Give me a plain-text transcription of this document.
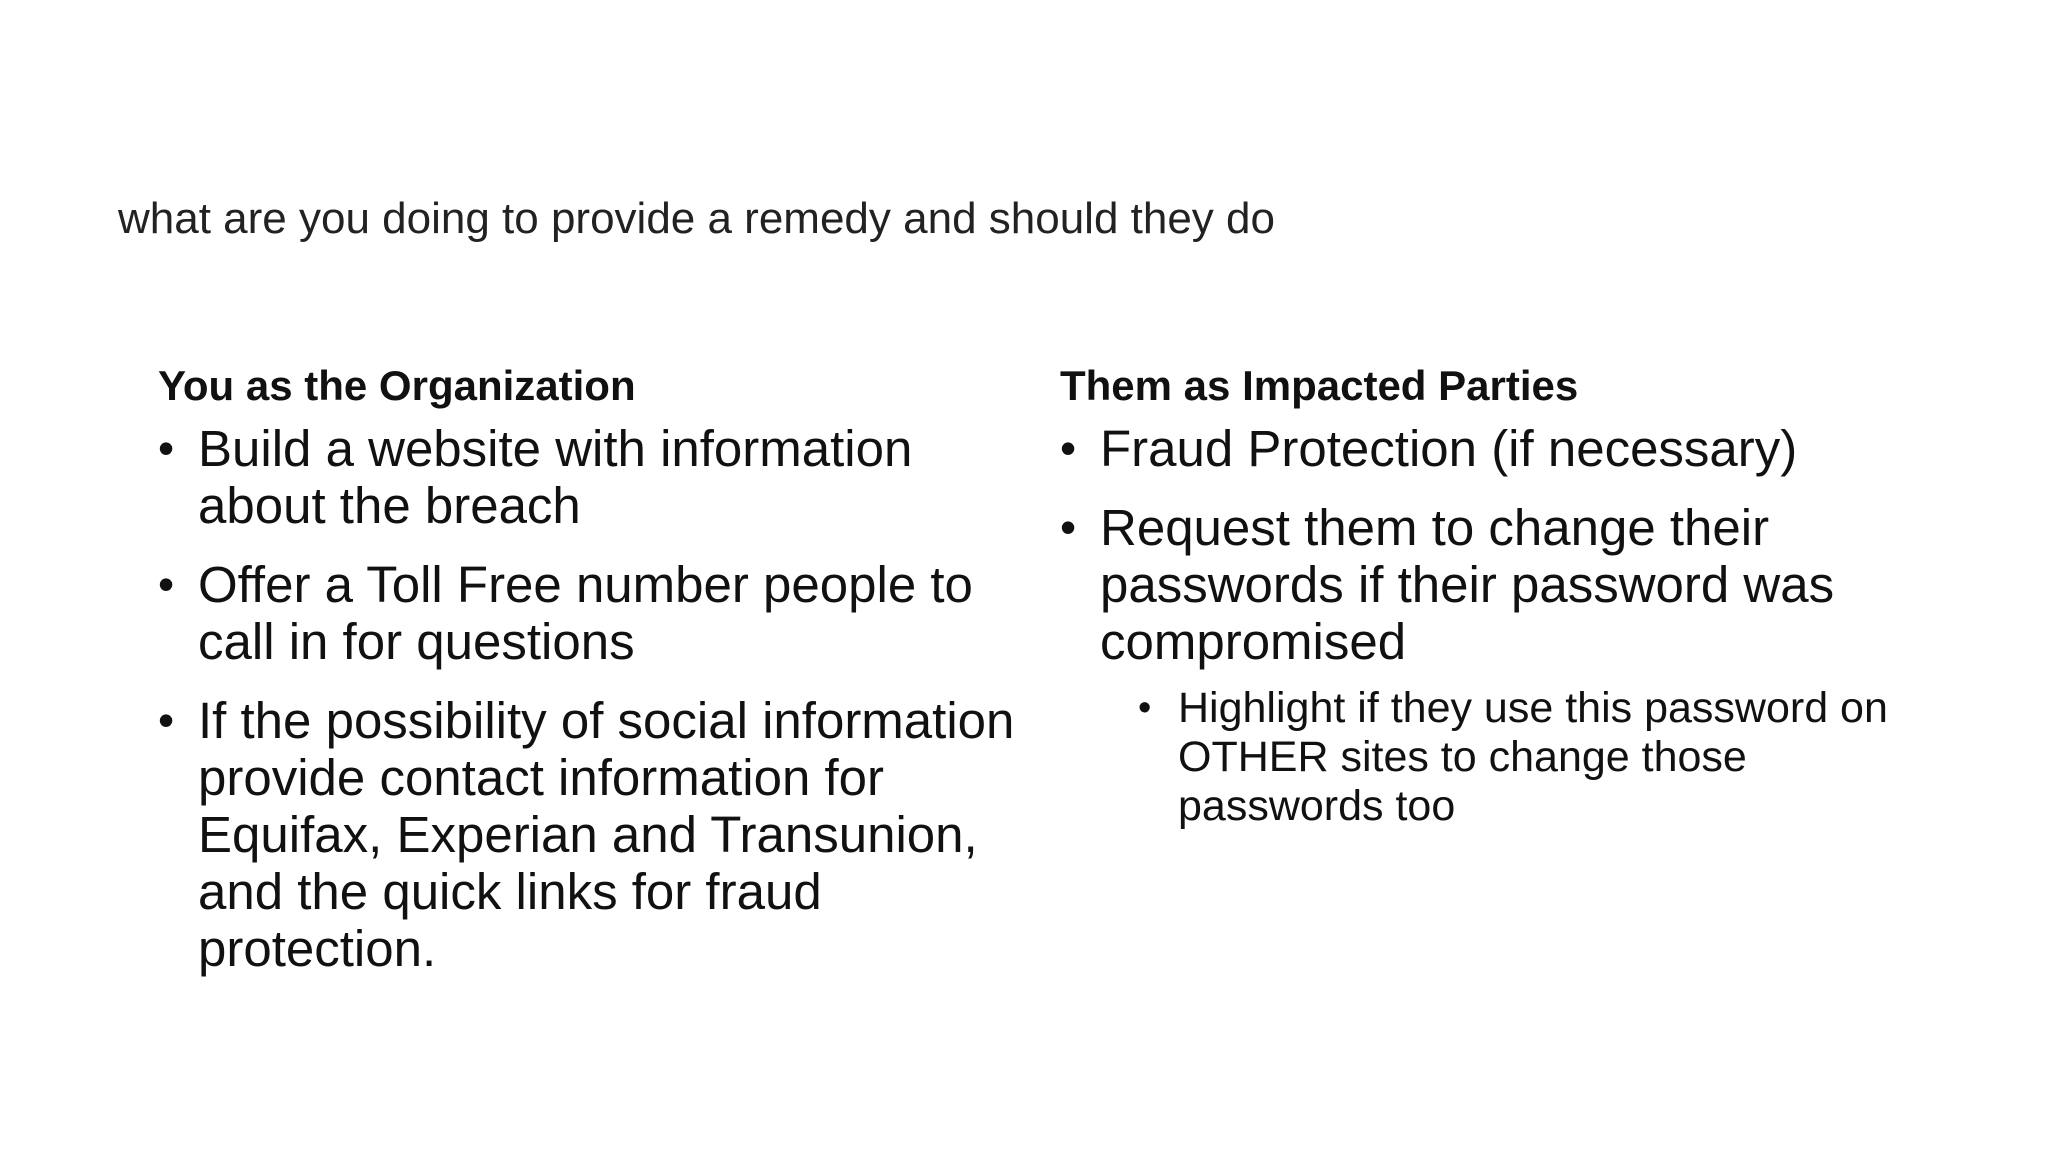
what are you doing to provide a remedy and should they do
You as the Organization
• Build a website with information about the breach
• Offer a Toll Free number people to call in for questions
• If the possibility of social information provide contact information for Equifax, Experian and Transunion, and the quick links for fraud protection.
Them as Impacted Parties
• Fraud Protection (if necessary)
• Request them to change their passwords if their password was compromised
• Highlight if they use this password on OTHER sites to change those passwords too
